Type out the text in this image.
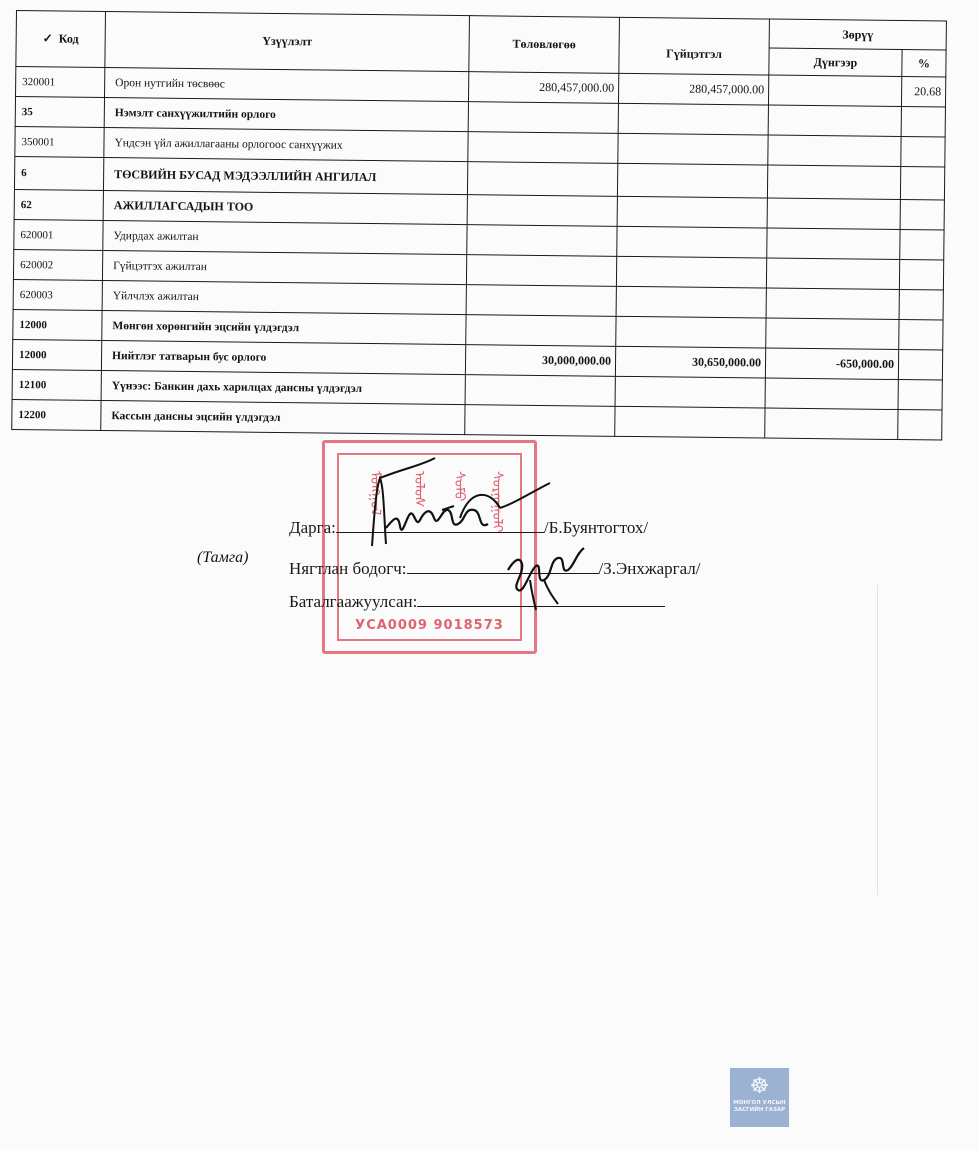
✓ Код	Үзүүлэлт	Төлөвлөгөө	Гүйцэтгэл	Зөрүү	
				Дүнгээр	%
320001	Орон нутгийн төсвөөс	280,457,000.00	280,457,000.00		20.68
35	Нэмэлт санхүүжилтийн орлого				
350001	Үндсэн үйл ажиллагааны орлогоос санхүүжих				
6	ТӨСВИЙН БУСАД МЭДЭЭЛЛИЙН АНГИЛАЛ				
62	АЖИЛЛАГСАДЫН ТОО				
620001	Удирдах ажилтан				
620002	Гүйцэтгэх ажилтан				
620003	Үйлчлэх ажилтан				
12000	Мөнгөн хөрөнгийн эцсийн үлдэгдэл				
12000	Нийтлэг татварын бус орлого	30,000,000.00	30,650,000.00	-650,000.00	
12100	Үүнээс: Банкин дахь харилцах дансны үлдэгдэл				
12200	Кассын дансны эцсийн үлдэгдэл				
ᠮᠣᠩᠭᠣᠯ ᠤᠯᠤᠰ ᠰᠤᠮᠤ ᠰᠤᠷᠭᠠᠭᠤᠯᠢ
УСА0009 9018573
(Тамга)
Дарга:	/Б.Буянтогтох/
Нягтлан бодогч:	/З.Энхжаргал/
Баталгаажуулсан:
☸
МОНГОЛ УЛСЫН
ЗАСГИЙН ГАЗАР
